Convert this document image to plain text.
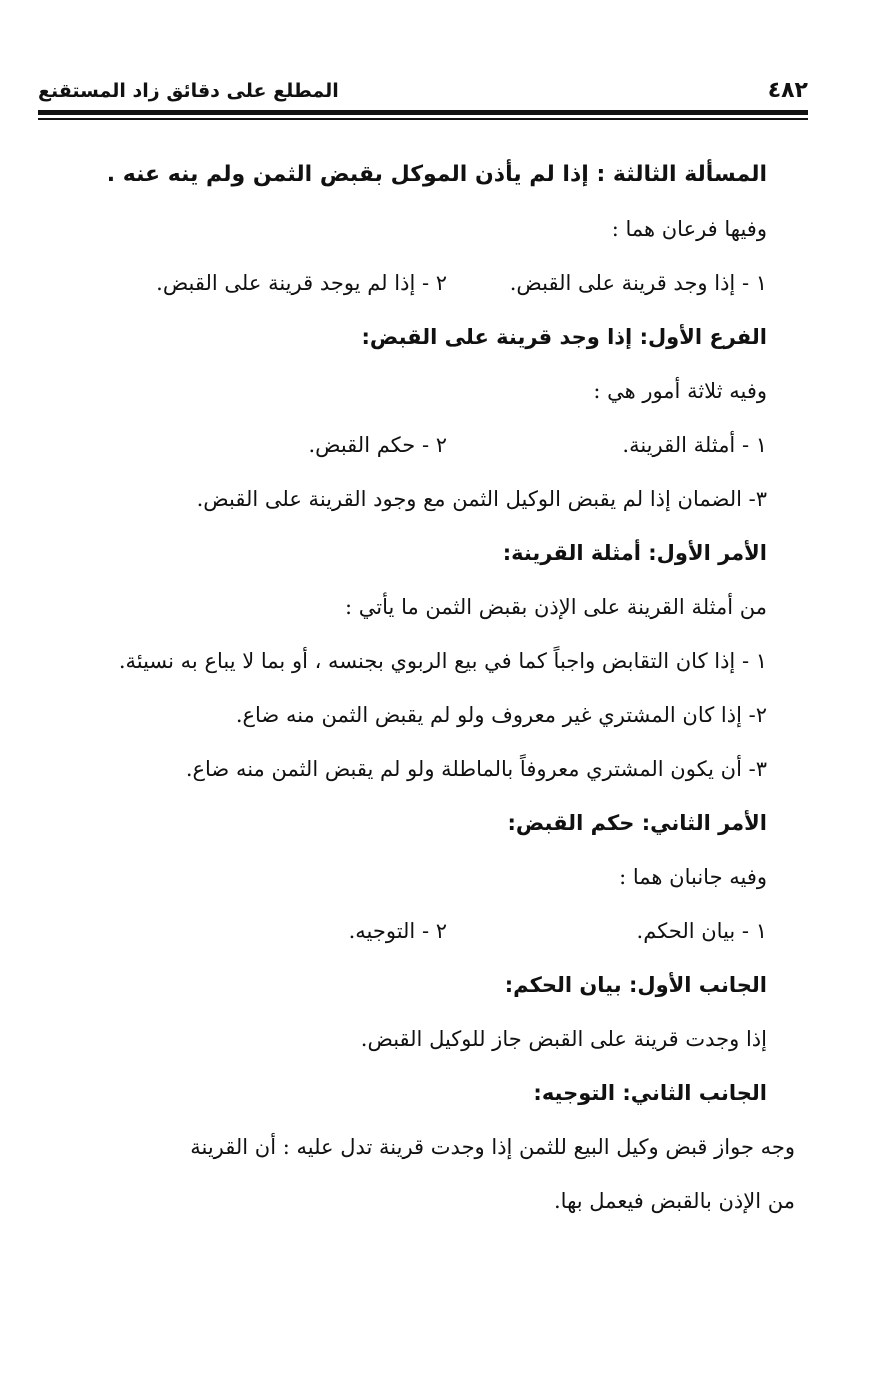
٤٨٢
المطلع على دقائق زاد المستقنع
المسألة الثالثة : إذا لم يأذن الموكل بقبض الثمن ولم ينه عنه .
وفيها فرعان هما :
١ - إذا وجد قرينة على القبض.
٢ - إذا لم يوجد قرينة على القبض.
الفرع الأول: إذا وجد قرينة على القبض:
وفيه ثلاثة أمور هي :
١ - أمثلة القرينة.
٢ - حكم القبض.
٣- الضمان إذا لم يقبض الوكيل الثمن مع وجود القرينة على القبض.
الأمر الأول: أمثلة القرينة:
من أمثلة القرينة على الإذن بقبض الثمن ما يأتي :
١ - إذا كان التقابض واجباً كما في بيع الربوي بجنسه ، أو بما لا يباع به نسيئة.
٢- إذا كان المشتري غير معروف ولو لم يقبض الثمن منه ضاع.
٣- أن يكون المشتري معروفاً بالماطلة ولو لم يقبض الثمن منه ضاع.
الأمر الثاني: حكم القبض:
وفيه جانبان هما :
١ - بيان الحكم.
٢ - التوجيه.
الجانب الأول: بيان الحكم:
إذا وجدت قرينة على القبض جاز للوكيل القبض.
الجانب الثاني: التوجيه:
وجه جواز قبض وكيل البيع للثمن إذا وجدت قرينة تدل عليه : أن القرينة
من الإذن بالقبض فيعمل بها.
